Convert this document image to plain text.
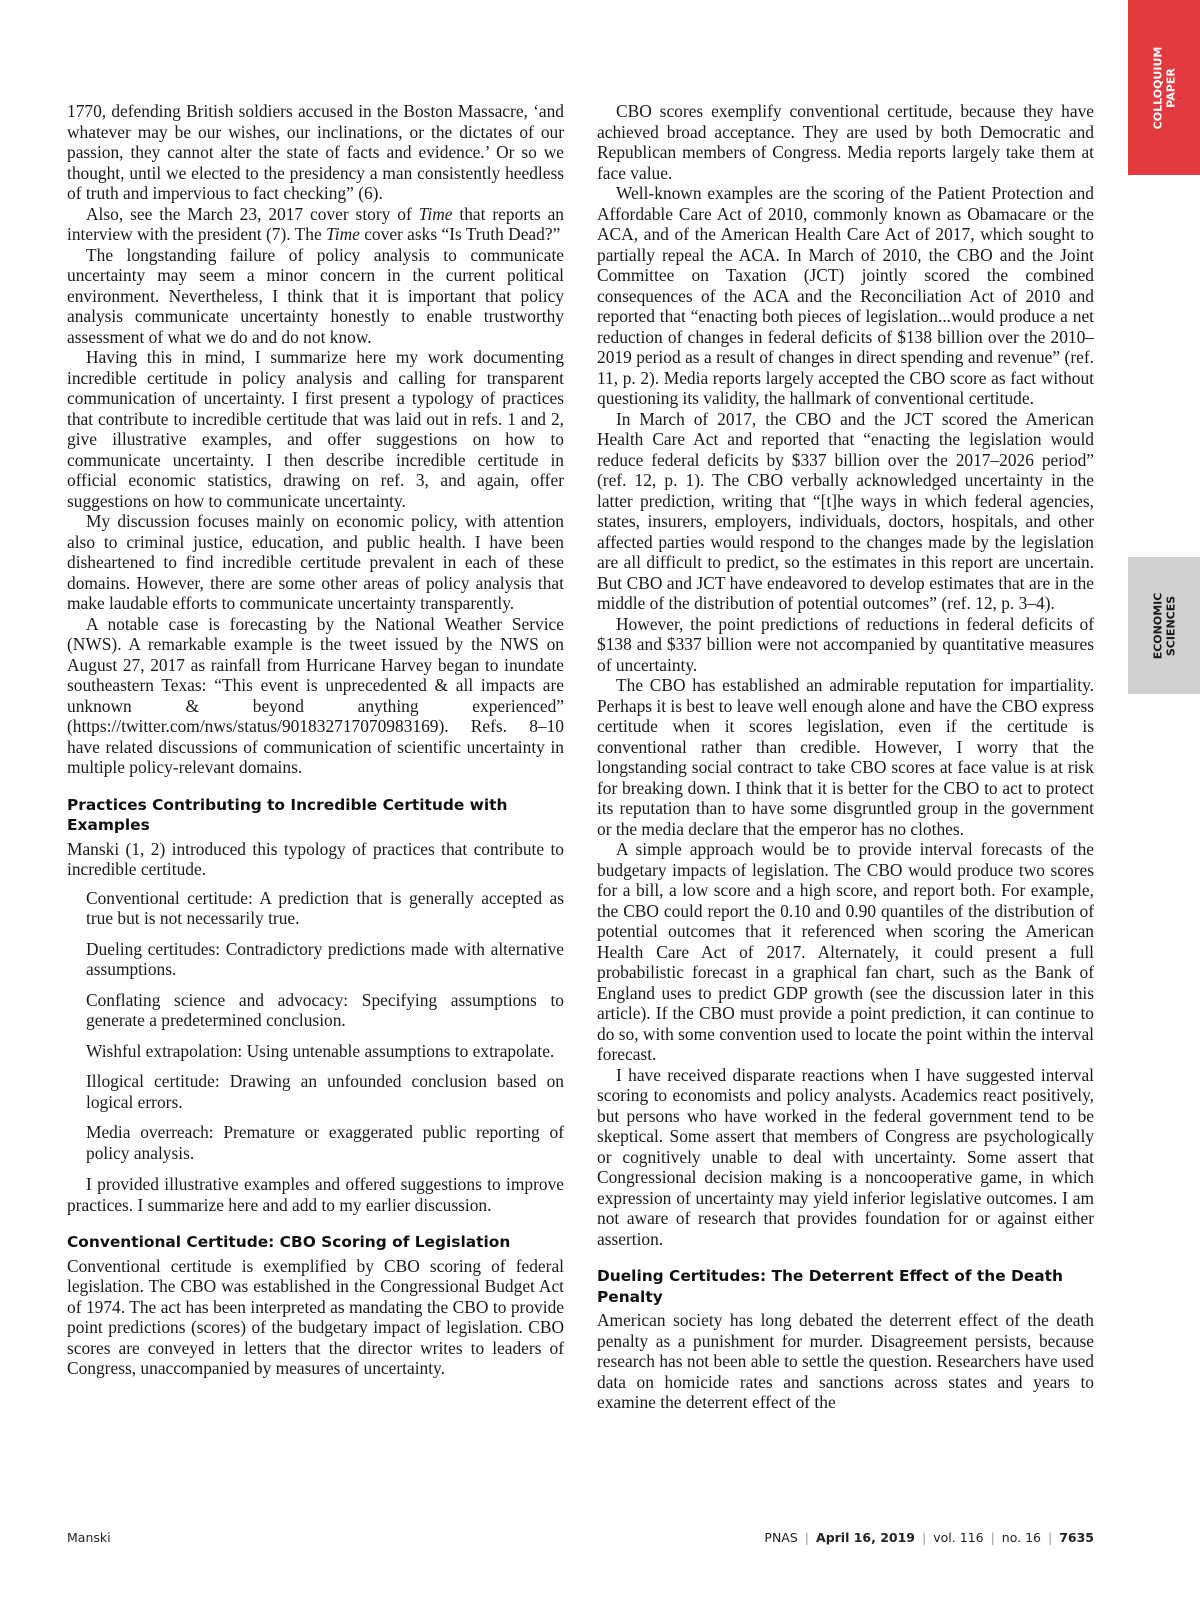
COLLOQUIUM
PAPER
ECONOMIC
SCIENCES

1770, defending British soldiers accused in the Boston Massacre, ‘and whatever may be our wishes, our inclinations, or the dictates of our passion, they cannot alter the state of facts and evidence.’ Or so we thought, until we elected to the presidency a man consistently heedless of truth and impervious to fact checking” (6).

Also, see the March 23, 2017 cover story of Time that reports an interview with the president (7). The Time cover asks “Is Truth Dead?”

The longstanding failure of policy analysis to communicate uncertainty may seem a minor concern in the current political environment. Nevertheless, I think that it is important that policy analysis communicate uncertainty honestly to enable trustworthy assessment of what we do and do not know.

Having this in mind, I summarize here my work documenting incredible certitude in policy analysis and calling for transparent communication of uncertainty. I first present a typology of practices that contribute to incredible certitude that was laid out in refs. 1 and 2, give illustrative examples, and offer suggestions on how to communicate uncertainty. I then describe incredible certitude in official economic statistics, drawing on ref. 3, and again, offer suggestions on how to communicate uncertainty.

My discussion focuses mainly on economic policy, with attention also to criminal justice, education, and public health. I have been disheartened to find incredible certitude prevalent in each of these domains. However, there are some other areas of policy analysis that make laudable efforts to communicate uncertainty transparently.

A notable case is forecasting by the National Weather Service (NWS). A remarkable example is the tweet issued by the NWS on August 27, 2017 as rainfall from Hurricane Harvey began to inundate southeastern Texas: “This event is unprecedented & all impacts are unknown & beyond anything experienced” (https://twitter.com/nws/status/901832717070983169). Refs. 8–10 have related discussions of communication of scientific uncertainty in multiple policy-relevant domains.

Practices Contributing to Incredible Certitude with Examples

Manski (1, 2) introduced this typology of practices that contribute to incredible certitude.

Conventional certitude: A prediction that is generally accepted as true but is not necessarily true.
Dueling certitudes: Contradictory predictions made with alternative assumptions.
Conflating science and advocacy: Specifying assumptions to generate a predetermined conclusion.
Wishful extrapolation: Using untenable assumptions to extrapolate.
Illogical certitude: Drawing an unfounded conclusion based on logical errors.
Media overreach: Premature or exaggerated public reporting of policy analysis.

I provided illustrative examples and offered suggestions to improve practices. I summarize here and add to my earlier discussion.

Conventional Certitude: CBO Scoring of Legislation

Conventional certitude is exemplified by CBO scoring of federal legislation. The CBO was established in the Congressional Budget Act of 1974. The act has been interpreted as mandating the CBO to provide point predictions (scores) of the budgetary impact of legislation. CBO scores are conveyed in letters that the director writes to leaders of Congress, unaccompanied by measures of uncertainty.

CBO scores exemplify conventional certitude, because they have achieved broad acceptance. They are used by both Democratic and Republican members of Congress. Media reports largely take them at face value.

Well-known examples are the scoring of the Patient Protection and Affordable Care Act of 2010, commonly known as Obamacare or the ACA, and of the American Health Care Act of 2017, which sought to partially repeal the ACA. In March of 2010, the CBO and the Joint Committee on Taxation (JCT) jointly scored the combined consequences of the ACA and the Reconciliation Act of 2010 and reported that “enacting both pieces of legislation...would produce a net reduction of changes in federal deficits of $138 billion over the 2010–2019 period as a result of changes in direct spending and revenue” (ref. 11, p. 2). Media reports largely accepted the CBO score as fact without questioning its validity, the hallmark of conventional certitude.

In March of 2017, the CBO and the JCT scored the American Health Care Act and reported that “enacting the legislation would reduce federal deficits by $337 billion over the 2017–2026 period” (ref. 12, p. 1). The CBO verbally acknowledged uncertainty in the latter prediction, writing that “[t]he ways in which federal agencies, states, insurers, employers, individuals, doctors, hospitals, and other affected parties would respond to the changes made by the legislation are all difficult to predict, so the estimates in this report are uncertain. But CBO and JCT have endeavored to develop estimates that are in the middle of the distribution of potential outcomes” (ref. 12, p. 3–4).

However, the point predictions of reductions in federal deficits of $138 and $337 billion were not accompanied by quantitative measures of uncertainty.

The CBO has established an admirable reputation for impartiality. Perhaps it is best to leave well enough alone and have the CBO express certitude when it scores legislation, even if the certitude is conventional rather than credible. However, I worry that the longstanding social contract to take CBO scores at face value is at risk for breaking down. I think that it is better for the CBO to act to protect its reputation than to have some disgruntled group in the government or the media declare that the emperor has no clothes.

A simple approach would be to provide interval forecasts of the budgetary impacts of legislation. The CBO would produce two scores for a bill, a low score and a high score, and report both. For example, the CBO could report the 0.10 and 0.90 quantiles of the distribution of potential outcomes that it referenced when scoring the American Health Care Act of 2017. Alternately, it could present a full probabilistic forecast in a graphical fan chart, such as the Bank of England uses to predict GDP growth (see the discussion later in this article). If the CBO must provide a point prediction, it can continue to do so, with some convention used to locate the point within the interval forecast.

I have received disparate reactions when I have suggested interval scoring to economists and policy analysts. Academics react positively, but persons who have worked in the federal government tend to be skeptical. Some assert that members of Congress are psychologically or cognitively unable to deal with uncertainty. Some assert that Congressional decision making is a noncooperative game, in which expression of uncertainty may yield inferior legislative outcomes. I am not aware of research that provides foundation for or against either assertion.

Dueling Certitudes: The Deterrent Effect of the Death Penalty

American society has long debated the deterrent effect of the death penalty as a punishment for murder. Disagreement persists, because research has not been able to settle the question. Researchers have used data on homicide rates and sanctions across states and years to examine the deterrent effect of the

Manski	PNAS | April 16, 2019 | vol. 116 | no. 16 | 7635
